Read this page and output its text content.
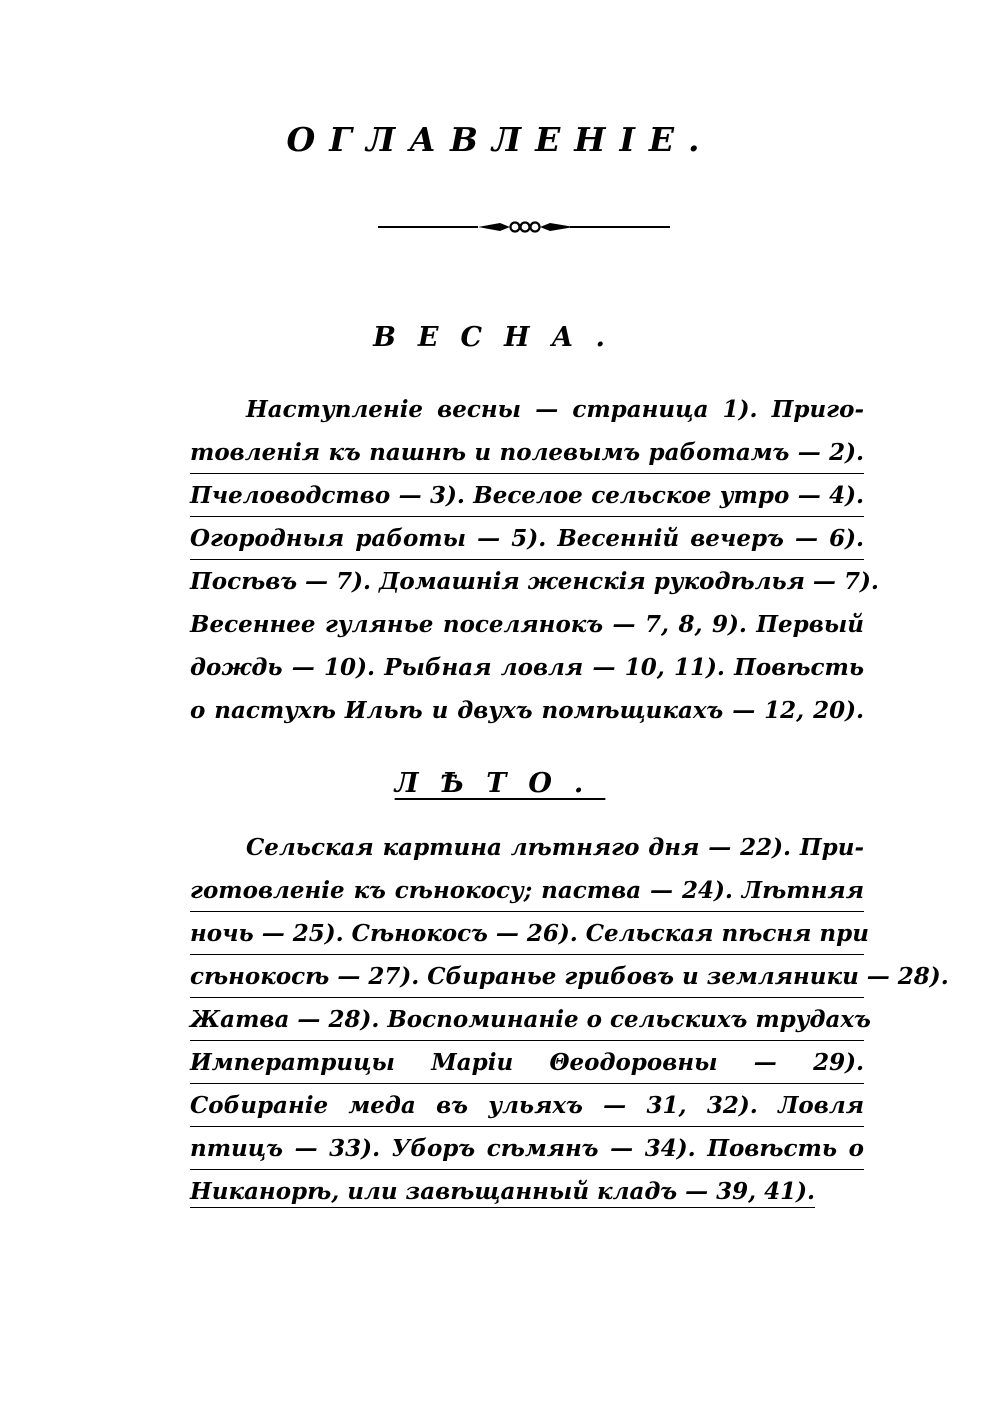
ОГЛАВЛЕНIЕ.
ВЕСНА.
Наступленіе весны — страница 1). Приго-
товленія къ пашнѣ и полевымъ работамъ — 2).
Пчеловодство — 3). Веселое сельское утро — 4).
Огородныя работы — 5). Весенній вечеръ — 6).
Посѣвъ — 7). Домашнія женскія рукодѣлья — 7).
Весеннее гулянье поселянокъ — 7, 8, 9). Первый
дождь — 10). Рыбная ловля — 10, 11). Повѣсть
о пастухѣ Ильѣ и двухъ помѣщикахъ — 12, 20).
ЛѢТО.
Сельская картина лѣтняго дня — 22). При-
готовленіе къ сѣнокосу; паства — 24). Лѣтняя
ночь — 25). Сѣнокосъ — 26). Сельская пѣсня при
сѣнокосѣ — 27). Сбиранье грибовъ и земляники — 28).
Жатва — 28). Воспоминаніе о сельскихъ трудахъ
Императрицы Маріи Θеодоровны — 29).
Собираніе меда въ ульяхъ — 31, 32). Ловля
птицъ — 33). Уборъ сѣмянъ — 34). Повѣсть о
Никанорѣ, или завѣщанный кладъ — 39, 41).
